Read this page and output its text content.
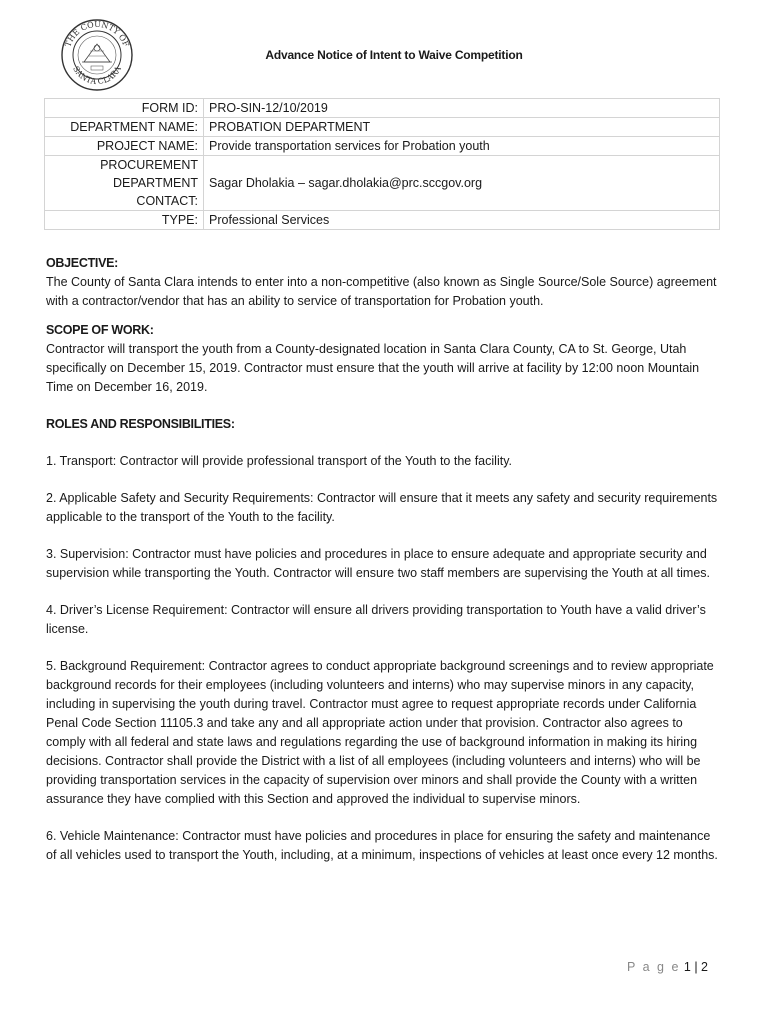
THE COUNTY OF
SANTA CLARA
Advance Notice of Intent to Waive Competition
FORM ID:	PRO-SIN-12/10/2019
DEPARTMENT NAME:	PROBATION DEPARTMENT
PROJECT NAME:	Provide transportation services for Probation youth

PROCUREMENT
DEPARTMENT
CONTACT:	Sagar Dholakia – sagar.dholakia@prc.sccgov.org
TYPE:	Professional Services

OBJECTIVE:

The County of Santa Clara intends to enter into a non-competitive (also known as Single Source/Sole Source) agreement with a contractor/vendor that has an ability to service of transportation for Probation youth.

SCOPE OF WORK:

Contractor will transport the youth from a County-designated location in Santa Clara County, CA to St. George, Utah specifically on December 15, 2019. Contractor must ensure that the youth will arrive at facility by 12:00 noon Mountain Time on December 16, 2019.

ROLES AND RESPONSIBILITIES:

1. Transport: Contractor will provide professional transport of the Youth to the facility.

2. Applicable Safety and Security Requirements: Contractor will ensure that it meets any safety and security requirements applicable to the transport of the Youth to the facility.

3. Supervision: Contractor must have policies and procedures in place to ensure adequate and appropriate security and supervision while transporting the Youth. Contractor will ensure two staff members are supervising the Youth at all times.

4. Driver’s License Requirement: Contractor will ensure all drivers providing transportation to Youth have a valid driver’s license.

5. Background Requirement: Contractor agrees to conduct appropriate background screenings and to review appropriate background records for their employees (including volunteers and interns) who may supervise minors in any capacity, including in supervising the youth during travel. Contractor must agree to request appropriate records under California Penal Code Section 11105.3 and take any and all appropriate action under that provision. Contractor also agrees to comply with all federal and state laws and regulations regarding the use of background information in making its hiring decisions. Contractor shall provide the District with a list of all employees (including volunteers and interns) who will be providing transportation services in the capacity of supervision over minors and shall provide the County with a written assurance they have complied with this Section and approved the individual to supervise minors.

6. Vehicle Maintenance: Contractor must have policies and procedures in place for ensuring the safety and maintenance of all vehicles used to transport the Youth, including, at a minimum, inspections of vehicles at least once every 12 months.

P a g e 1 | 2
